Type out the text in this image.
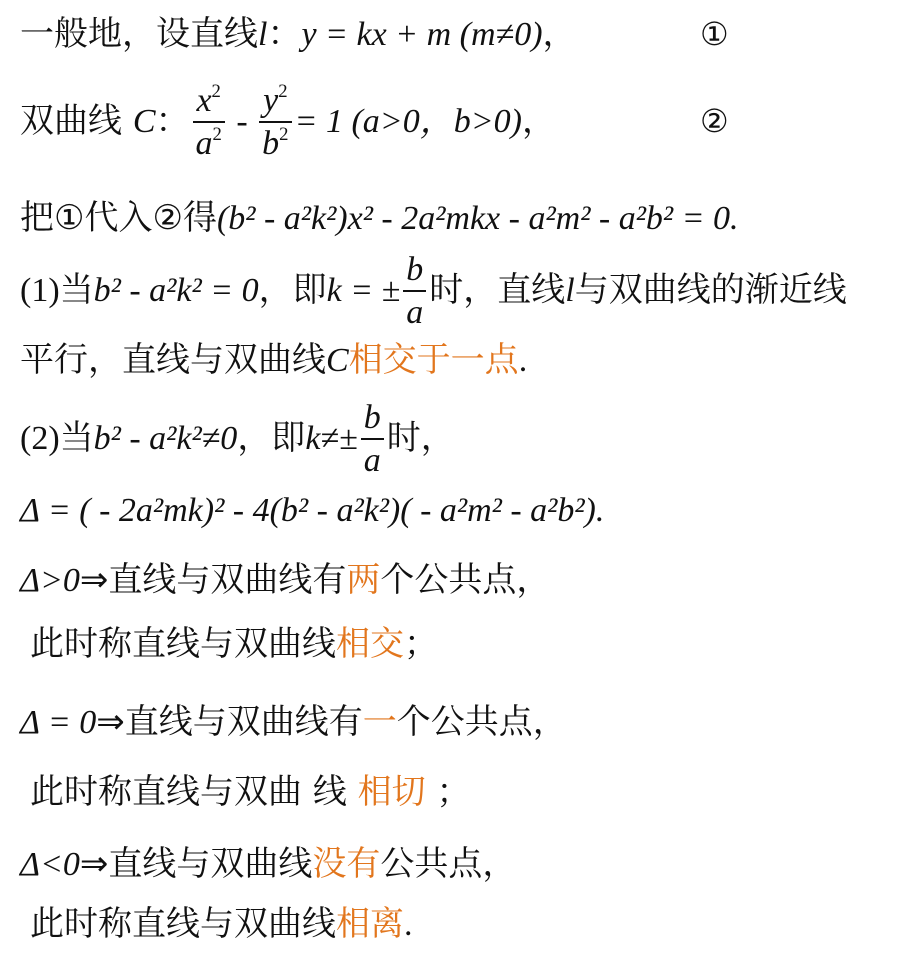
一般地，设直线l：y = kx + m (m≠0)，	①
双曲线 C： $\frac{x^2}{a^2} - \frac{y^2}{b^2} = 1$ (a>0，b>0)，	②
把①代入②得(b² - a²k²)x² - 2a²mkx - a²m² - a²b² = 0.
(1)当b² - a²k² = 0，即k = ± $\frac{b}{a}$ 时，直线l与双曲线的渐近线
平行，直线与双曲线C相交于一点.
(2)当b² - a²k²≠0，即$k\ne\pm \frac{b}{a}$ 时，
Δ = ( - 2a²mk)² - 4(b² - a²k²)( - a²m² - a²b²).
Δ>0⇒直线与双曲线有两个公共点，
此时称直线与双曲线相交；
Δ = 0⇒直线与双曲线有一个公共点，
此时称直线与双曲 线 相切 ；
Δ<0⇒直线与双曲线没有公共点，
此时称直线与双曲线相离.
